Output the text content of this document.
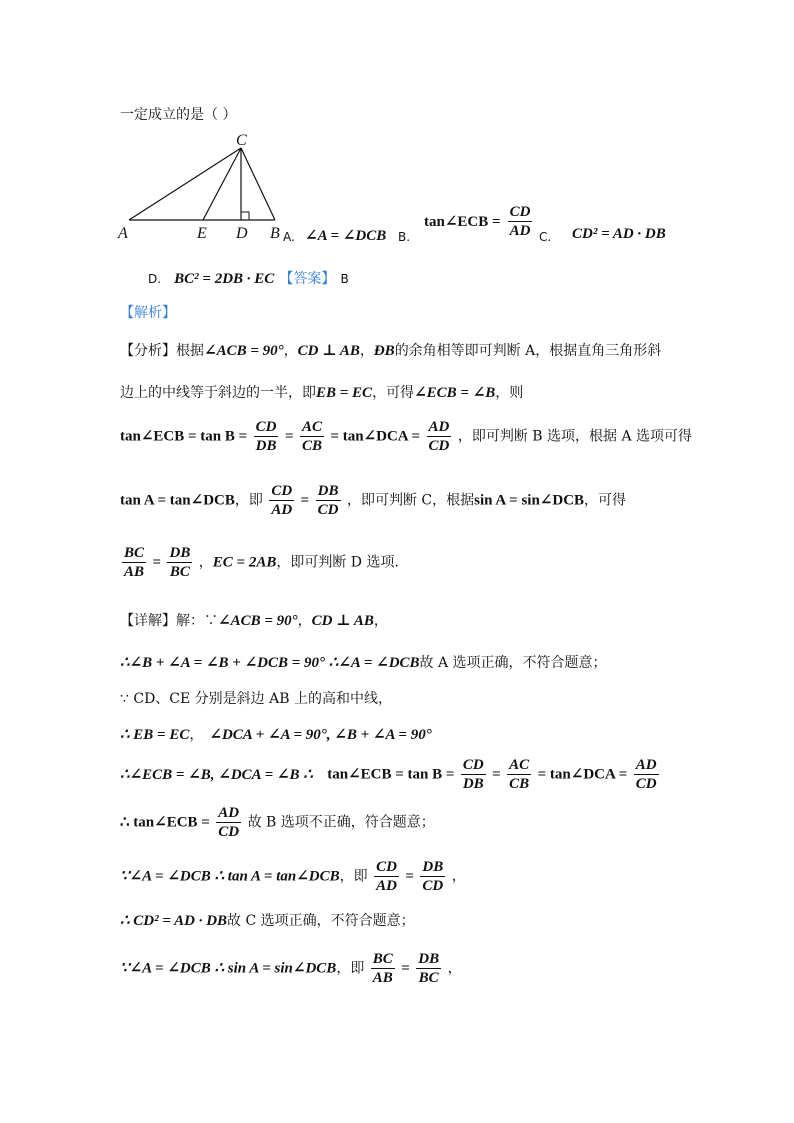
一定成立的是（ ）
C
A	E D B A. ∠A = ∠DCB B.
tan∠ECB = $\frac{CD}{AD} C$. CD² = AD · DB
D. BC² = 2DB · EC 【答案】 B
【解析】
【分析】根据∠ACB = 90°，CD ⊥ AB，ÐB的余角相等即可判断 A，根据直角三角形斜
边上的中线等于斜边的一半，即EB = EC，可得∠ECB = ∠B，则
tan∠ECB = $\tan B = \frac{CD}{DB} = \frac{AC}{CB}$ = tan∠DCA = $\frac{AD}{CD}$ ，即可判断 B 选项，根据 A 选项可得
tan A = tan∠DCB，即 $\frac{CD}{AD} = \frac{DB}{CD}$ ，即可判断 C，根据sin A = sin∠DCB，可得
$\frac{BC}{AB} = \frac{DB}{BC}$ ，EC = 2AB，即可判断 D 选项．
【详解】解：∵∠ACB = 90°，CD ⊥ AB，
∴∠B + ∠A = ∠B + ∠DCB = 90° ∴∠A = ∠DCB故 A 选项正确，不符合题意；
∵ CD、CE 分别是斜边 AB 上的高和中线，
∴ EB = EC， ∠DCA + ∠A = 90°, ∠B + ∠A = 90°
∴∠ECB = ∠B, ∠DCA = ∠B ∴ tan∠ECB = $\tan B = \frac{CD}{DB} = \frac{AC}{CB}$ = tan∠DCA = $\frac{AD}{CD}$
∴ tan∠ECB = $\frac{AD}{CD}$ 故 B 选项不正确，符合题意；
∵∠A = ∠DCB ∴ tan A = tan∠DCB，即 $\frac{CD}{AD} = \frac{DB}{CD}$ ，
∴ CD² = AD · DB故 C 选项正确，不符合题意；
∵∠A = ∠DCB ∴ sin A = sin∠DCB，即 $\frac{BC}{AB} = \frac{DB}{BC}$ ，
